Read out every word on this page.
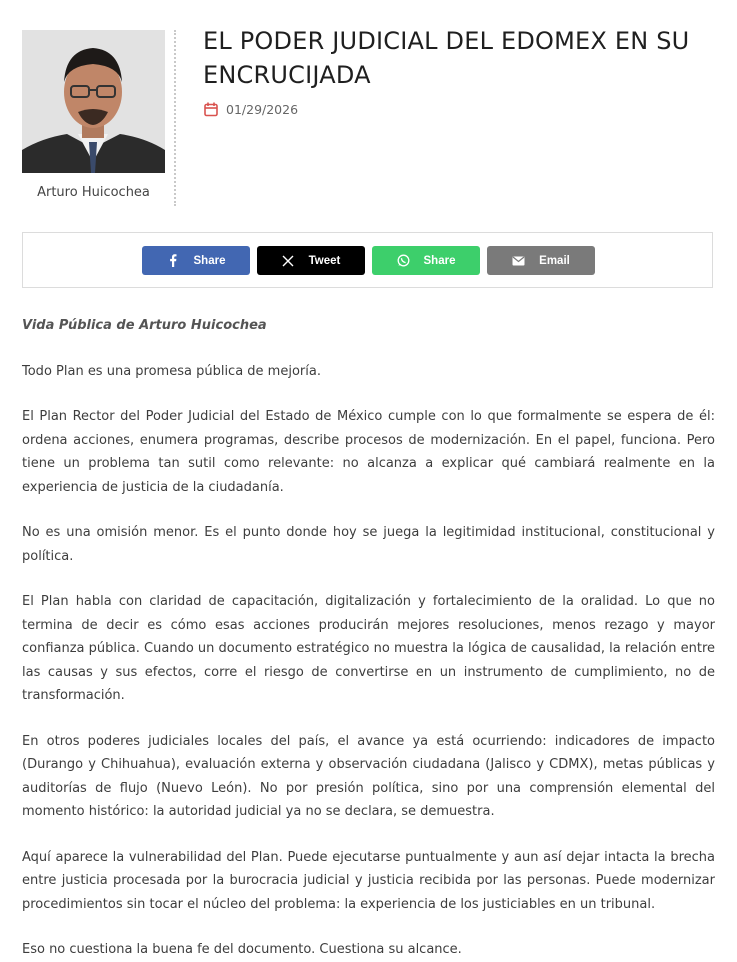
Arturo Huicochea
EL PODER JUDICIAL DEL EDOMEX EN SU ENCRUCIJADA
01/29/2026
Share	Tweet	Share	Email

Vida Pública de Arturo Huicochea

Todo Plan es una promesa pública de mejoría.

El Plan Rector del Poder Judicial del Estado de México cumple con lo que formalmente se espera de él: ordena acciones, enumera programas, describe procesos de modernización. En el papel, funciona. Pero tiene un problema tan sutil como relevante: no alcanza a explicar qué cambiará realmente en la experiencia de justicia de la ciudadanía.

No es una omisión menor. Es el punto donde hoy se juega la legitimidad institucional, constitucional y política.

El Plan habla con claridad de capacitación, digitalización y fortalecimiento de la oralidad. Lo que no termina de decir es cómo esas acciones producirán mejores resoluciones, menos rezago y mayor confianza pública. Cuando un documento estratégico no muestra la lógica de causalidad, la relación entre las causas y sus efectos, corre el riesgo de convertirse en un instrumento de cumplimiento, no de transformación.

En otros poderes judiciales locales del país, el avance ya está ocurriendo: indicadores de impacto (Durango y Chihuahua), evaluación externa y observación ciudadana (Jalisco y CDMX), metas públicas y auditorías de flujo (Nuevo León). No por presión política, sino por una comprensión elemental del momento histórico: la autoridad judicial ya no se declara, se demuestra.

Aquí aparece la vulnerabilidad del Plan. Puede ejecutarse puntualmente y aun así dejar intacta la brecha entre justicia procesada por la burocracia judicial y justicia recibida por las personas. Puede modernizar procedimientos sin tocar el núcleo del problema: la experiencia de los justiciables en un tribunal.

Eso no cuestiona la buena fe del documento. Cuestiona su alcance.
